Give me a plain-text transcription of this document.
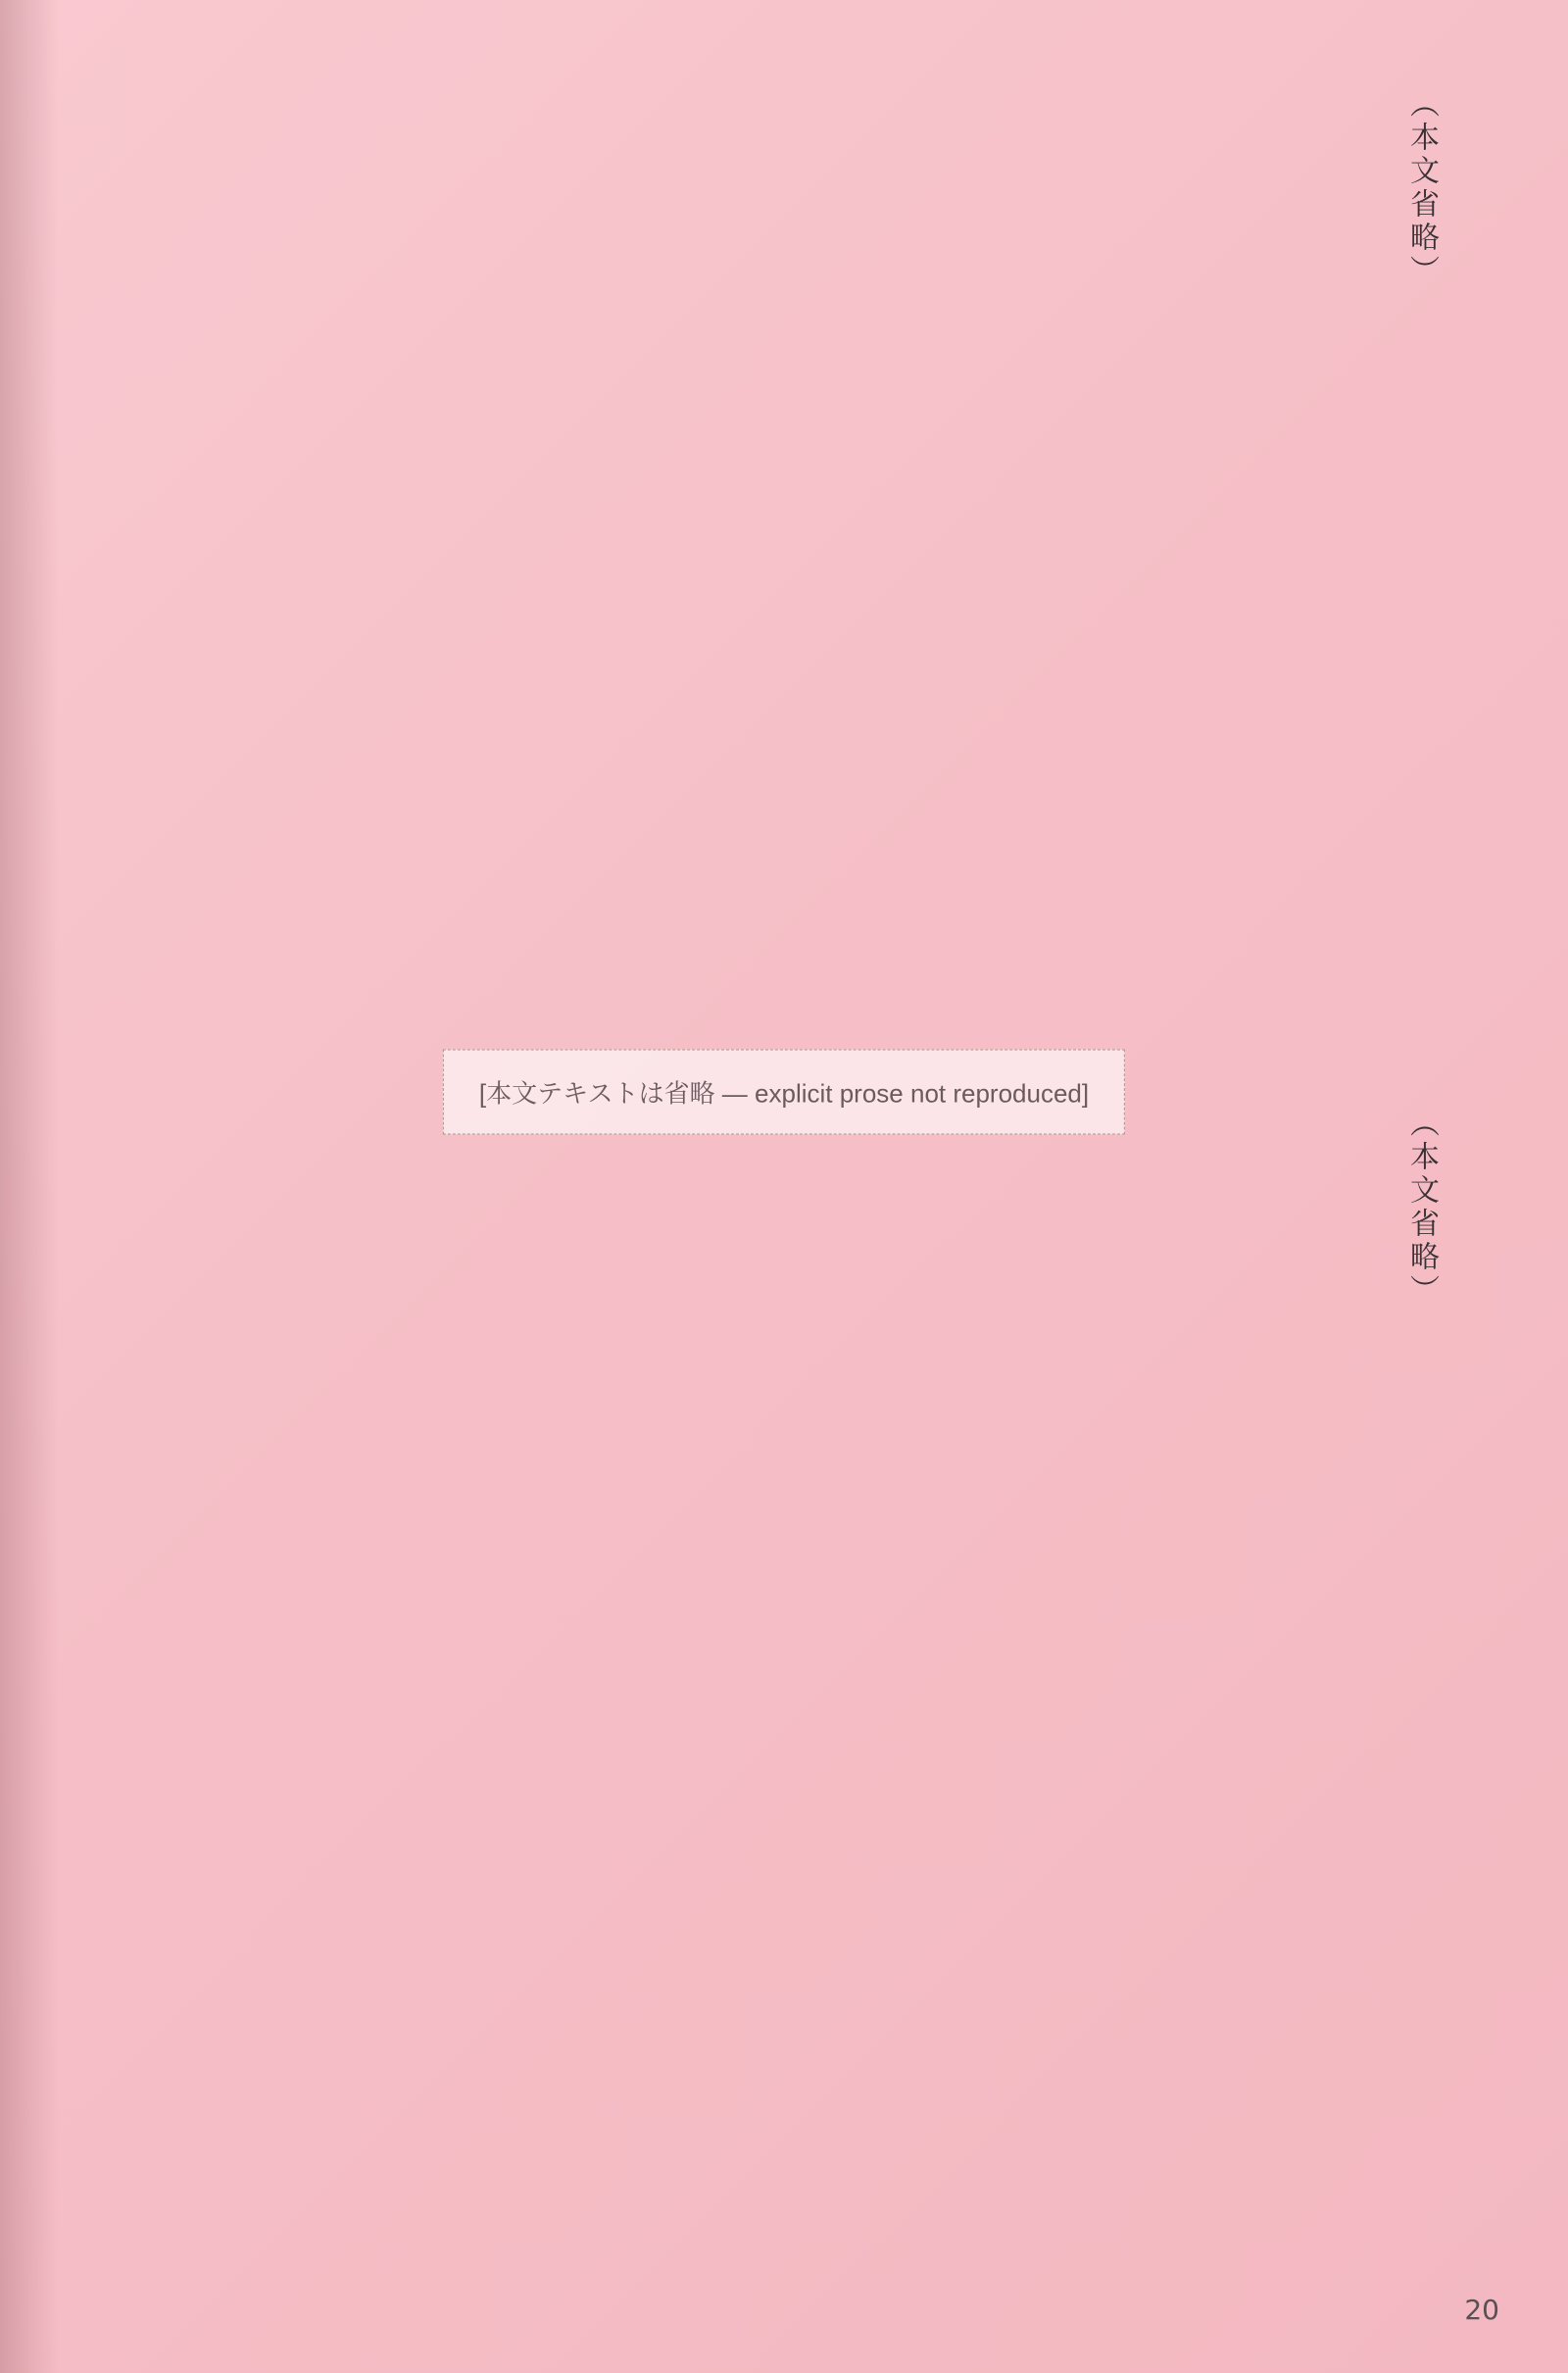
（本文省略）
（本文省略）
[本文テキストは省略 — explicit prose not reproduced]
20
